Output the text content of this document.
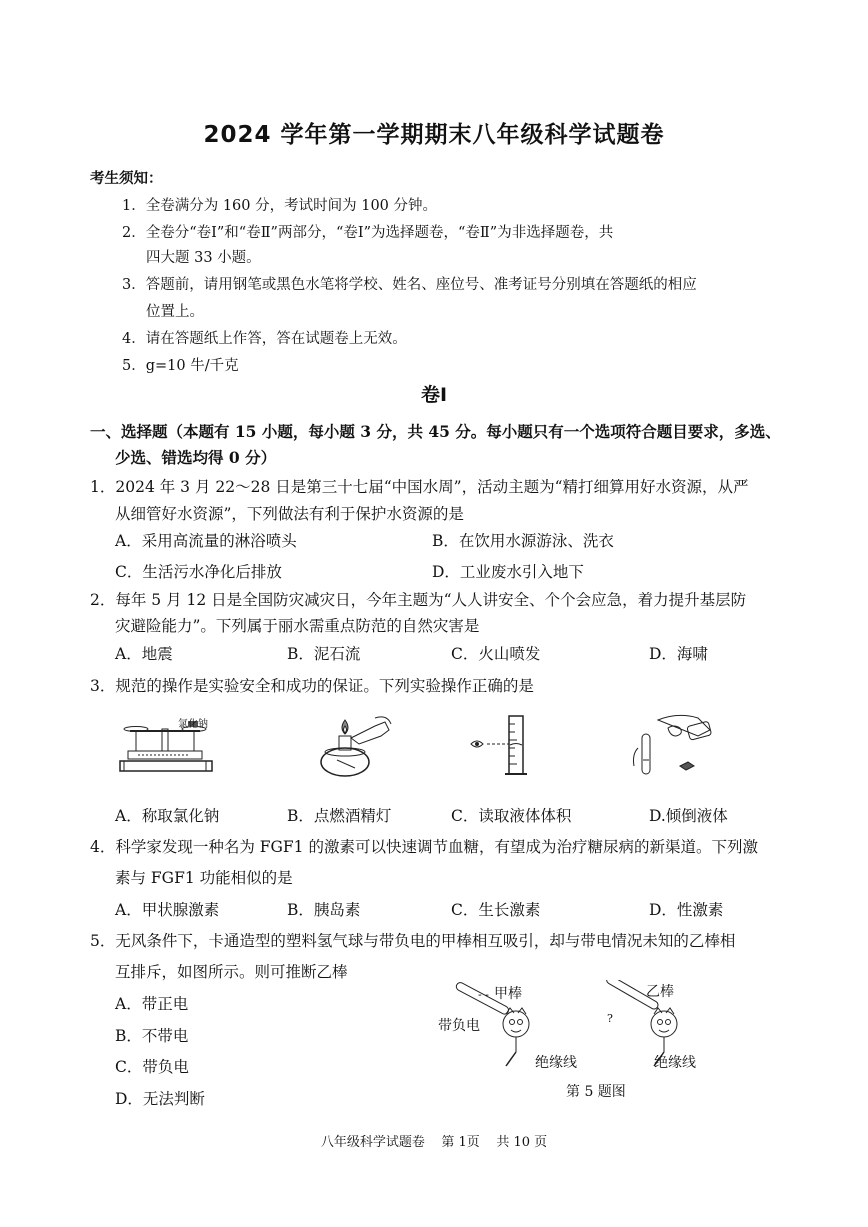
2024 学年第一学期期末八年级科学试题卷
考生须知：
1．全卷满分为 160 分，考试时间为 100 分钟。
2．全卷分“卷Ⅰ”和“卷Ⅱ”两部分，“卷Ⅰ”为选择题卷，“卷Ⅱ”为非选择题卷，共
四大题 33 小题。
3．答题前，请用钢笔或黑色水笔将学校、姓名、座位号、准考证号分别填在答题纸的相应
位置上。
4．请在答题纸上作答，答在试题卷上无效。
5．g=10 牛/千克
卷Ⅰ
一、选择题（本题有 15 小题，每小题 3 分，共 45 分。每小题只有一个选项符合题目要求，多选、
少选、错选均得 0 分）
1．2024 年 3 月 22～28 日是第三十七届“中国水周”，活动主题为“精打细算用好水资源，从严
从细管好水资源”，下列做法有利于保护水资源的是
A．采用高流量的淋浴喷头	B．在饮用水源游泳、洗衣
C．生活污水净化后排放	D．工业废水引入地下
2．每年 5 月 12 日是全国防灾减灾日，今年主题为“人人讲安全、个个会应急，着力提升基层防
灾避险能力”。下列属于丽水需重点防范的自然灾害是
A．地震	B．泥石流	C．火山喷发	D．海啸
3．规范的操作是实验安全和成功的保证。下列实验操作正确的是
氯化钠
A．称取氯化钠	B．点燃酒精灯	C．读取液体体积	D.倾倒液体
4．科学家发现一种名为 FGF1 的激素可以快速调节血糖，有望成为治疗糖尿病的新渠道。下列激
素与 FGF1 功能相似的是
A．甲状腺激素	B．胰岛素	C．生长激素	D．性激素
5．无风条件下，卡通造型的塑料氢气球与带负电的甲棒相互吸引，却与带电情况未知的乙棒相
互排斥，如图所示。则可推断乙棒
A．带正电
B．不带电
C．带负电
D．无法判断
甲棒
- -
带负电
绝缘线
乙棒
?
绝缘线
第 5 题图
八年级科学试题卷    第 1页    共 10 页
